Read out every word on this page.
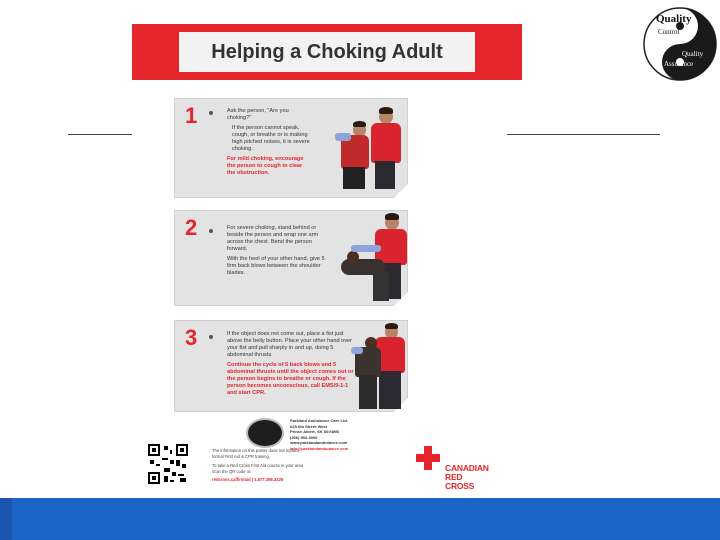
Helping a Choking Adult
Quality
Control
Quality
Assurance
1	Ask the person, "Are you choking?"

If the person cannot speak, cough, or breathe or is making high pitched noises, it is severe choking.

For mild choking, encourage the person to cough to clear the obstruction.

2	For severe choking, stand behind or beside the person and wrap one arm across the chest. Bend the person forward.

With the heel of your other hand, give 5 firm back blows between the shoulder blades.

3	If the object does not come out, place a fist just above the belly button. Place your other hand over your fist and pull sharply in and up, doing 5 abdominal thrusts.

Continue the cycle of 5 back blows and 5 abdominal thrusts until the object comes out or the person begins to breathe or cough. If the person becomes unconscious, call EMS/9-1-1 and start CPR.

Parkland Ambulance Care Ltd.
625-6th Street West
Prince Albert, SK S6V4M6
(306) 953-3000
www.parklandambulance.com
info@parklandambulance.com
The information on this poster does not replace
formal First Aid & CPR training.
To take a Red Cross First Aid course in your area
scan the QR code or:
redcross.ca/firstaid | 1.877.356.3226
CANADIAN
RED CROSS
